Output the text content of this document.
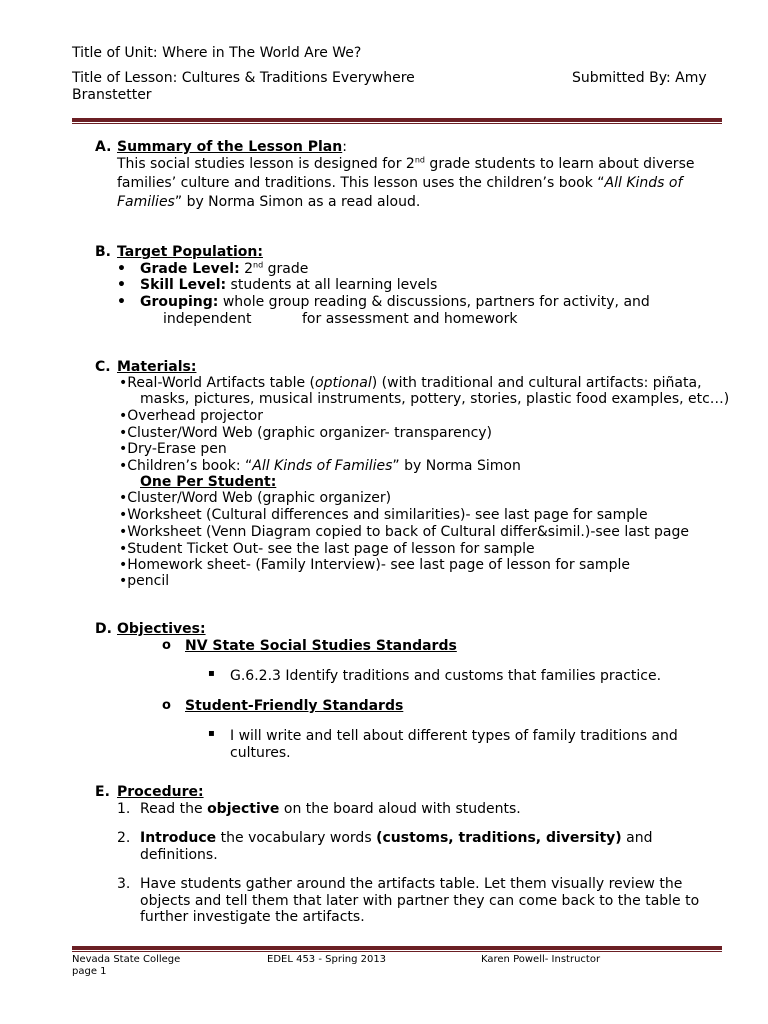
Title of Unit: Where in The World Are We?
Title of Lesson: Cultures & Traditions Everywhere	Submitted By: Amy
Branstetter
A. Summary of the Lesson Plan:
This social studies lesson is designed for 2nd grade students to learn about diverse
families’ culture and traditions. This lesson uses the children’s book “All Kinds of
Families” by Norma Simon as a read aloud.
B. Target Population:
• Grade Level: 2nd grade
• Skill Level: students at all learning levels
• Grouping: whole group reading & discussions, partners for activity, and
independent	for assessment and homework
C. Materials:
•Real-World Artifacts table (optional) (with traditional and cultural artifacts: piñata,
masks, pictures, musical instruments, pottery, stories, plastic food examples, etc…)
•Overhead projector
•Cluster/Word Web (graphic organizer- transparency)
•Dry-Erase pen
•Children’s book: “All Kinds of Families” by Norma Simon
One Per Student:
•Cluster/Word Web (graphic organizer)
•Worksheet (Cultural differences and similarities)- see last page for sample
•Worksheet (Venn Diagram copied to back of Cultural differ&simil.)-see last page
•Student Ticket Out- see the last page of lesson for sample
•Homework sheet- (Family Interview)- see last page of lesson for sample
•pencil
D. Objectives:
o NV State Social Studies Standards
▪ G.6.2.3 Identify traditions and customs that families practice.
o Student-Friendly Standards
▪ I will write and tell about different types of family traditions and
cultures.
E. Procedure:
1. Read the objective on the board aloud with students.
2. Introduce the vocabulary words (customs, traditions, diversity) and
definitions.
3. Have students gather around the artifacts table. Let them visually review the
objects and tell them that later with partner they can come back to the table to
further investigate the artifacts.
Nevada State College	EDEL 453 - Spring 2013	Karen Powell- Instructor
page 1
